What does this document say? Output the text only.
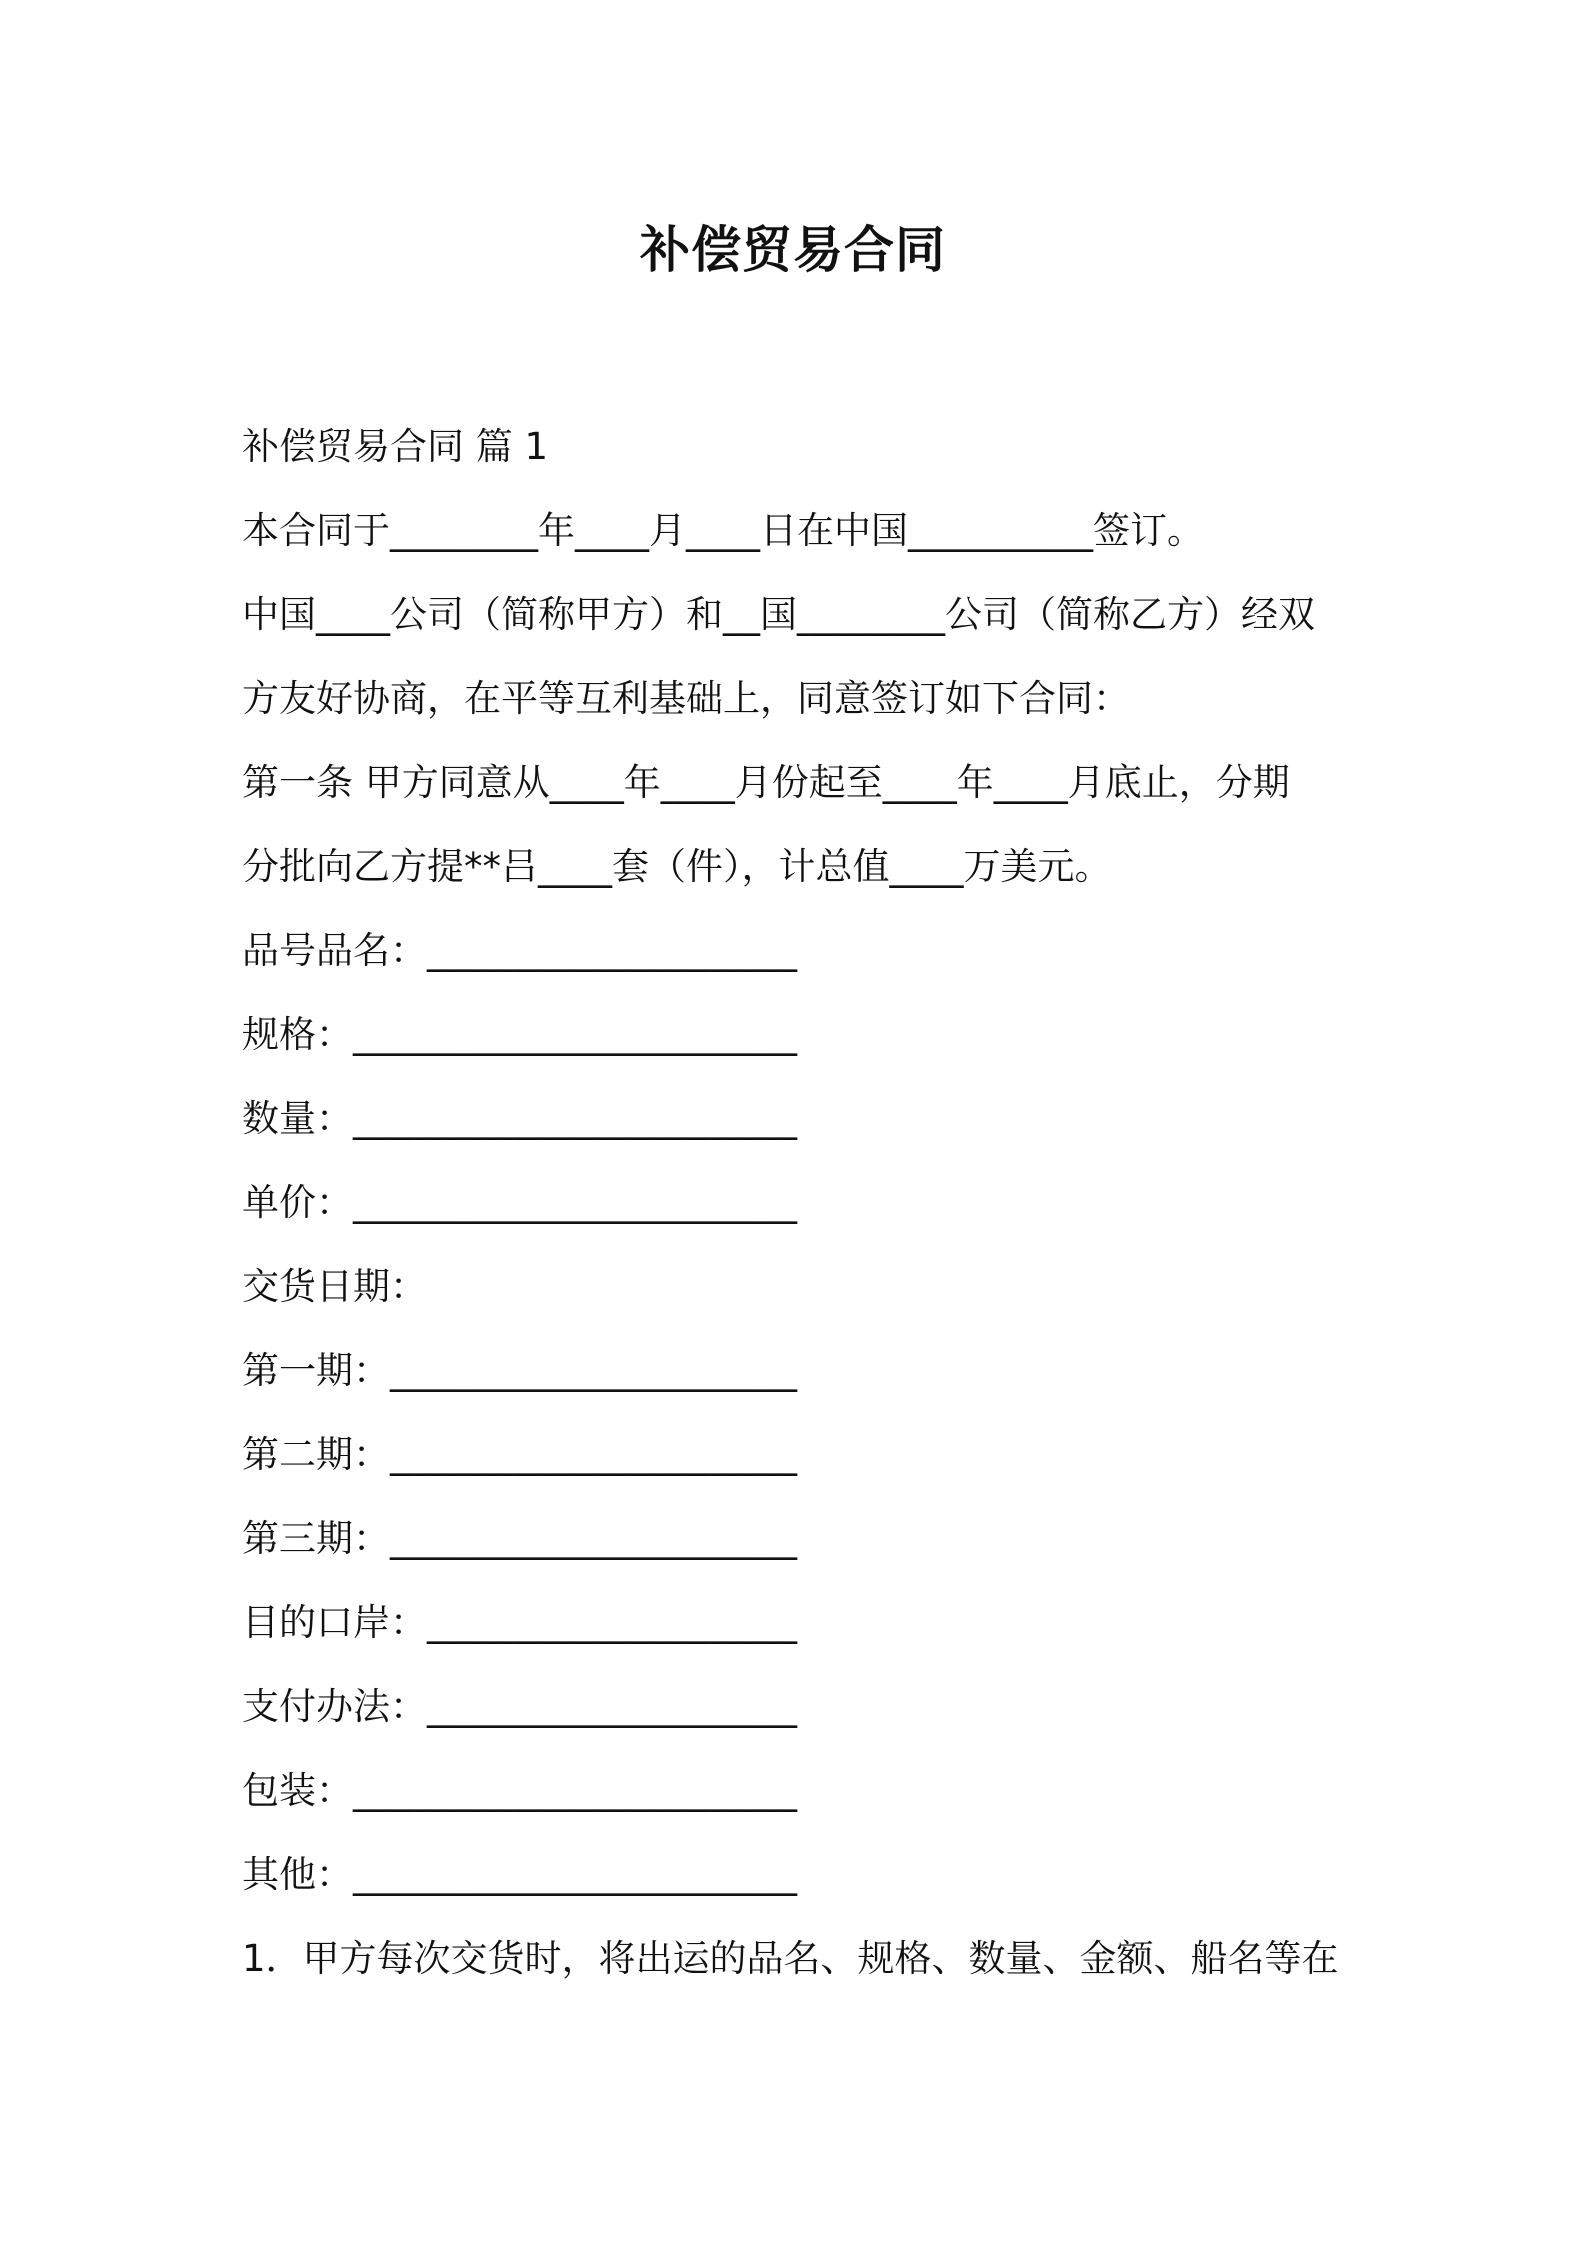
补偿贸易合同
补偿贸易合同 篇 1
本合同于________年____月____日在中国__________签订。
中国____公司（简称甲方）和__国________公司（简称乙方）经双
方友好协商，在平等互利基础上，同意签订如下合同：
第一条 甲方同意从____年____月份起至____年____月底止，分期
分批向乙方提**吕____套（件），计总值____万美元。
品号品名：____________________
规格：________________________
数量：________________________
单价：________________________
交货日期：
第一期：______________________
第二期：______________________
第三期：______________________
目的口岸：____________________
支付办法：____________________
包装：________________________
其他：________________________
1．甲方每次交货时，将出运的品名、规格、数量、金额、船名等在
